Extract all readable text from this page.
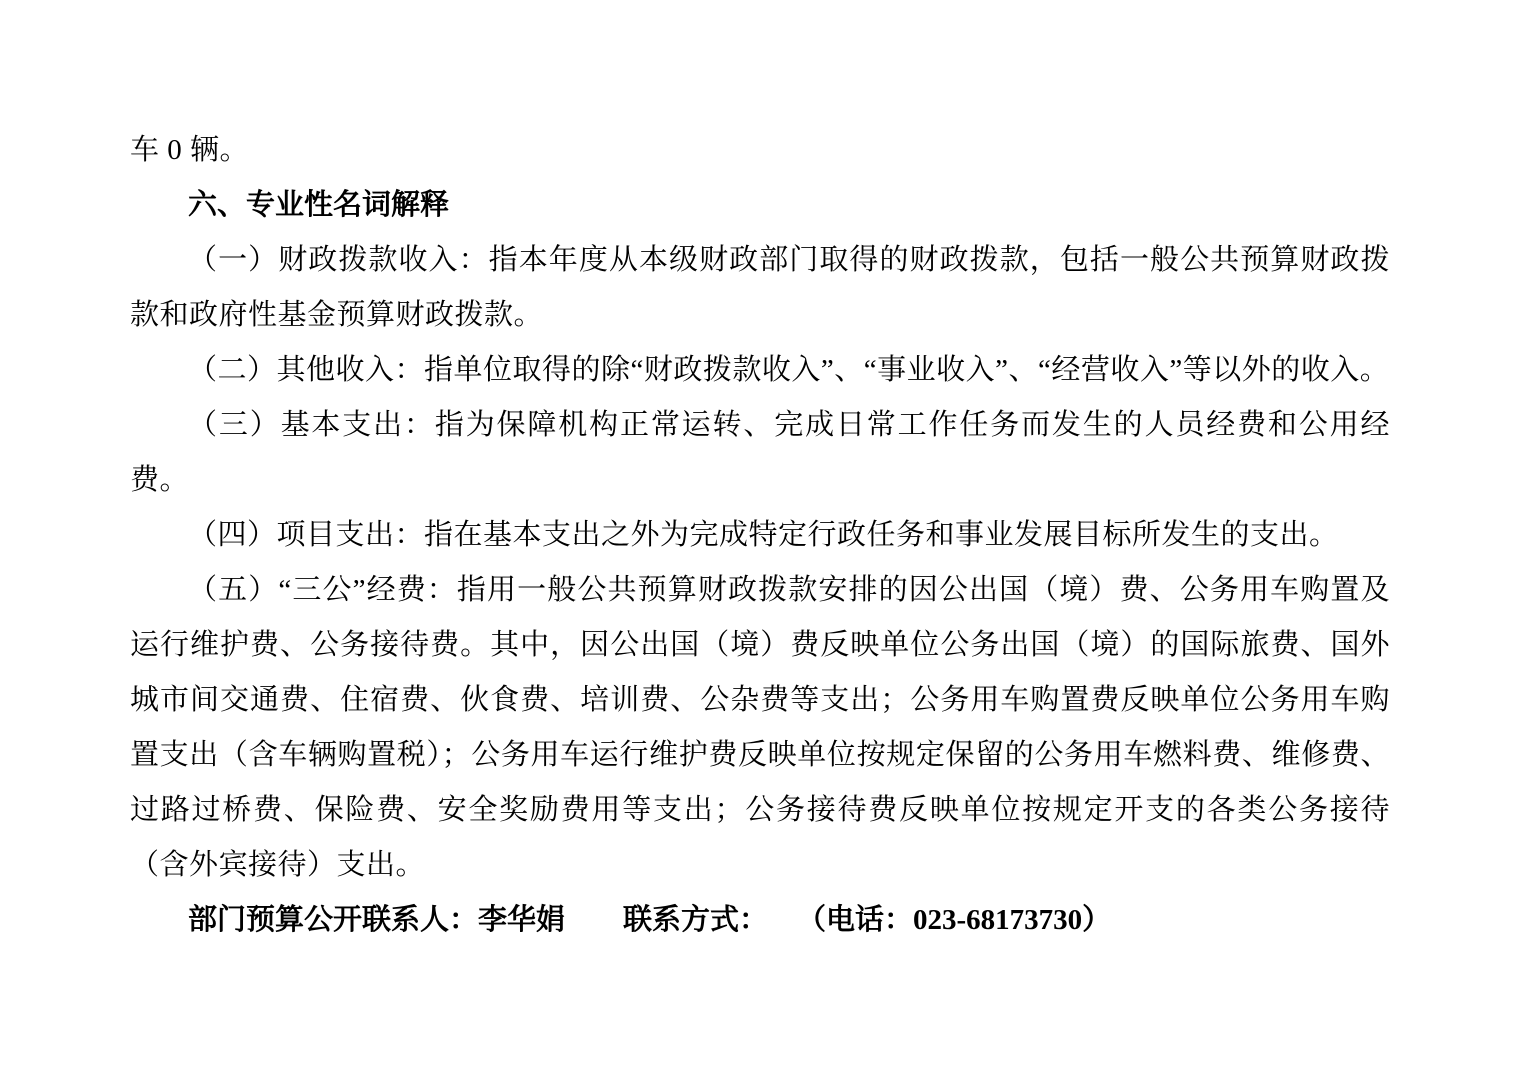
车 0 辆。

六、专业性名词解释

（一）财政拨款收入：指本年度从本级财政部门取得的财政拨款，包括一般公共预算财政拨款和政府性基金预算财政拨款。

（二）其他收入：指单位取得的除“财政拨款收入”、“事业收入”、“经营收入”等以外的收入。

（三）基本支出：指为保障机构正常运转、完成日常工作任务而发生的人员经费和公用经费。

（四）项目支出：指在基本支出之外为完成特定行政任务和事业发展目标所发生的支出。

（五）“三公”经费：指用一般公共预算财政拨款安排的因公出国（境）费、公务用车购置及运行维护费、公务接待费。其中，因公出国（境）费反映单位公务出国（境）的国际旅费、国外城市间交通费、住宿费、伙食费、培训费、公杂费等支出；公务用车购置费反映单位公务用车购置支出（含车辆购置税）；公务用车运行维护费反映单位按规定保留的公务用车燃料费、维修费、过路过桥费、保险费、安全奖励费用等支出；公务接待费反映单位按规定开支的各类公务接待（含外宾接待）支出。

部门预算公开联系人：李华娟　　联系方式：　　（电话：023-68173730）
